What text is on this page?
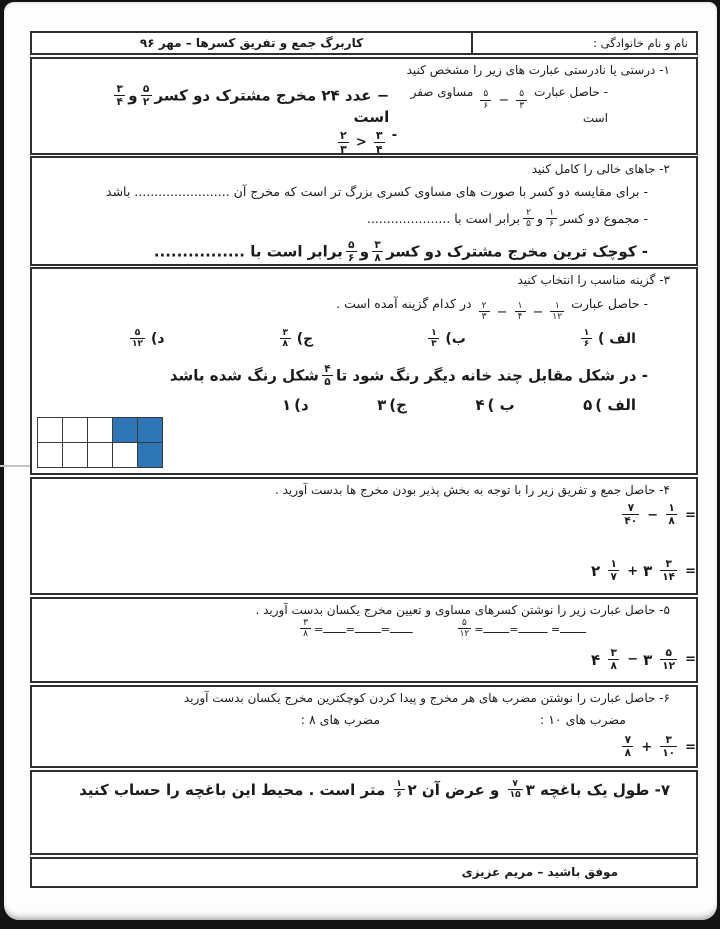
نام و نام خانوادگی :
کاربرگ جمع و تفریق کسرها – مهر ۹۶
۱- درستی یا نادرستی عبارت های زیر را مشخص کنید
- حاصل عبارت
$\frac{۵}{۶} - \frac{۵}{۳}$
مساوی صفر است
− عدد ۲۴ مخرج مشترک دو کسر
$\frac{۵}{۲}$
و
$\frac{۳}{۴}$
است
-
$\frac{۲}{۳} > \frac{۳}{۴}$
۲- جاهای خالی را کامل کنید
- برای مقایسه دو کسر با صورت های مساوی کسری بزرگ تر است که مخرج آن ........................ باشد
- مجموع دو کسر
$\frac{۱}{۶}$
و
$\frac{۲}{۵}$
برابر است با .....................
- کوچک ترین مخرج مشترک دو کسر
$\frac{۳}{۸}$
و
$\frac{۵}{۶}$
برابر است با ................
۳- گزینه مناسب را انتخاب کنید
- حاصل عبارت
$\frac{۲}{۳} - \frac{۱}{۴} - \frac{۱}{۱۲}$
در کدام گزینه آمده است .
الف )
$\frac{۱}{۶}$
ب)
$\frac{۱}{۳}$
ج)
$\frac{۳}{۸}$
د)
$\frac{۵}{۱۲}$
- در شکل مقابل چند خانه دیگر رنگ شود تا
$\frac{۴}{۵}$
شکل رنگ شده باشد
الف )
۵
ب )
۴
ج)
۳
د)
۱
۴- حاصل جمع و تفریق زیر را با توجه به بخش پذیر بودن مخرج ها بدست آورید .
$\frac{۷}{۴۰} - \frac{۱}{۸}$ =
۲ $\frac{۱}{۷}$ + ۳ $\frac{۳}{۱۴}$ =
۵- حاصل عبارت زیر را نوشتن کسرهای مساوی و تعیین مخرج یکسان بدست آورید .
$\frac{۳}{۸}$ =ـــــــ=ــــــــ=ـــــــ	$\frac{۵}{۱۲}$ =ــــــــ=ـــــــــ =ــــــــ
۴ $\frac{۳}{۸}$ − ۳ $\frac{۵}{۱۲}$ =
۶- حاصل عبارت را نوشتن مضرب های هر مخرج و پیدا کردن کوچکترین مخرج یکسان بدست آورید
مضرب های ۱۰ :
مضرب های ۸ :
$\frac{۷}{۸} + \frac{۳}{۱۰}$ =
۷- طول یک باغچه ۳
$\frac{۷}{۱۵}$
و عرض آن ۲
$\frac{۱}{۶}$
متر است . محیط این باغچه را حساب کنید
موفق باشید – مریم عزیزی
